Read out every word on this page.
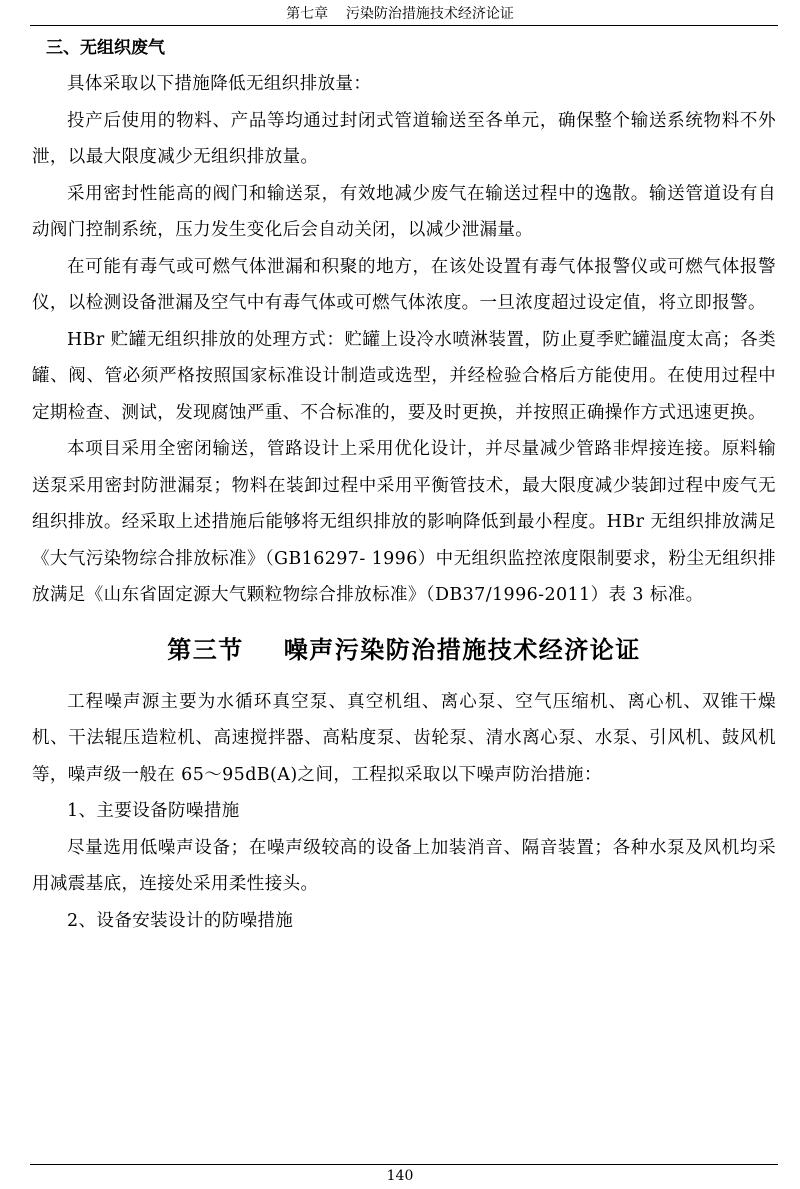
第七章 污染防治措施技术经济论证
三、无组织废气

具体采取以下措施降低无组织排放量：

投产后使用的物料、产品等均通过封闭式管道输送至各单元，确保整个输送系统物料不外泄，以最大限度减少无组织排放量。

采用密封性能高的阀门和输送泵，有效地减少废气在输送过程中的逸散。输送管道设有自动阀门控制系统，压力发生变化后会自动关闭，以减少泄漏量。

在可能有毒气或可燃气体泄漏和积聚的地方，在该处设置有毒气体报警仪或可燃气体报警仪，以检测设备泄漏及空气中有毒气体或可燃气体浓度。一旦浓度超过设定值，将立即报警。

HBr 贮罐无组织排放的处理方式：贮罐上设冷水喷淋装置，防止夏季贮罐温度太高；各类罐、阀、管必须严格按照国家标准设计制造或选型，并经检验合格后方能使用。在使用过程中定期检查、测试，发现腐蚀严重、不合标准的，要及时更换，并按照正确操作方式迅速更换。

本项目采用全密闭输送，管路设计上采用优化设计，并尽量减少管路非焊接连接。原料输送泵采用密封防泄漏泵；物料在装卸过程中采用平衡管技术，最大限度减少装卸过程中废气无组织排放。经采取上述措施后能够将无组织排放的影响降低到最小程度。HBr 无组织排放满足《大气污染物综合排放标准》（GB16297- 1996）中无组织监控浓度限制要求，粉尘无组织排放满足《山东省固定源大气颗粒物综合排放标准》（DB37/1996-2011）表 3 标准。

第三节 噪声污染防治措施技术经济论证

工程噪声源主要为水循环真空泵、真空机组、离心泵、空气压缩机、离心机、双锥干燥机、干法辊压造粒机、高速搅拌器、高粘度泵、齿轮泵、清水离心泵、水泵、引风机、鼓风机等，噪声级一般在 65～95dB(A)之间，工程拟采取以下噪声防治措施：

1、主要设备防噪措施

尽量选用低噪声设备；在噪声级较高的设备上加装消音、隔音装置；各种水泵及风机均采用减震基底，连接处采用柔性接头。

2、设备安装设计的防噪措施

140
